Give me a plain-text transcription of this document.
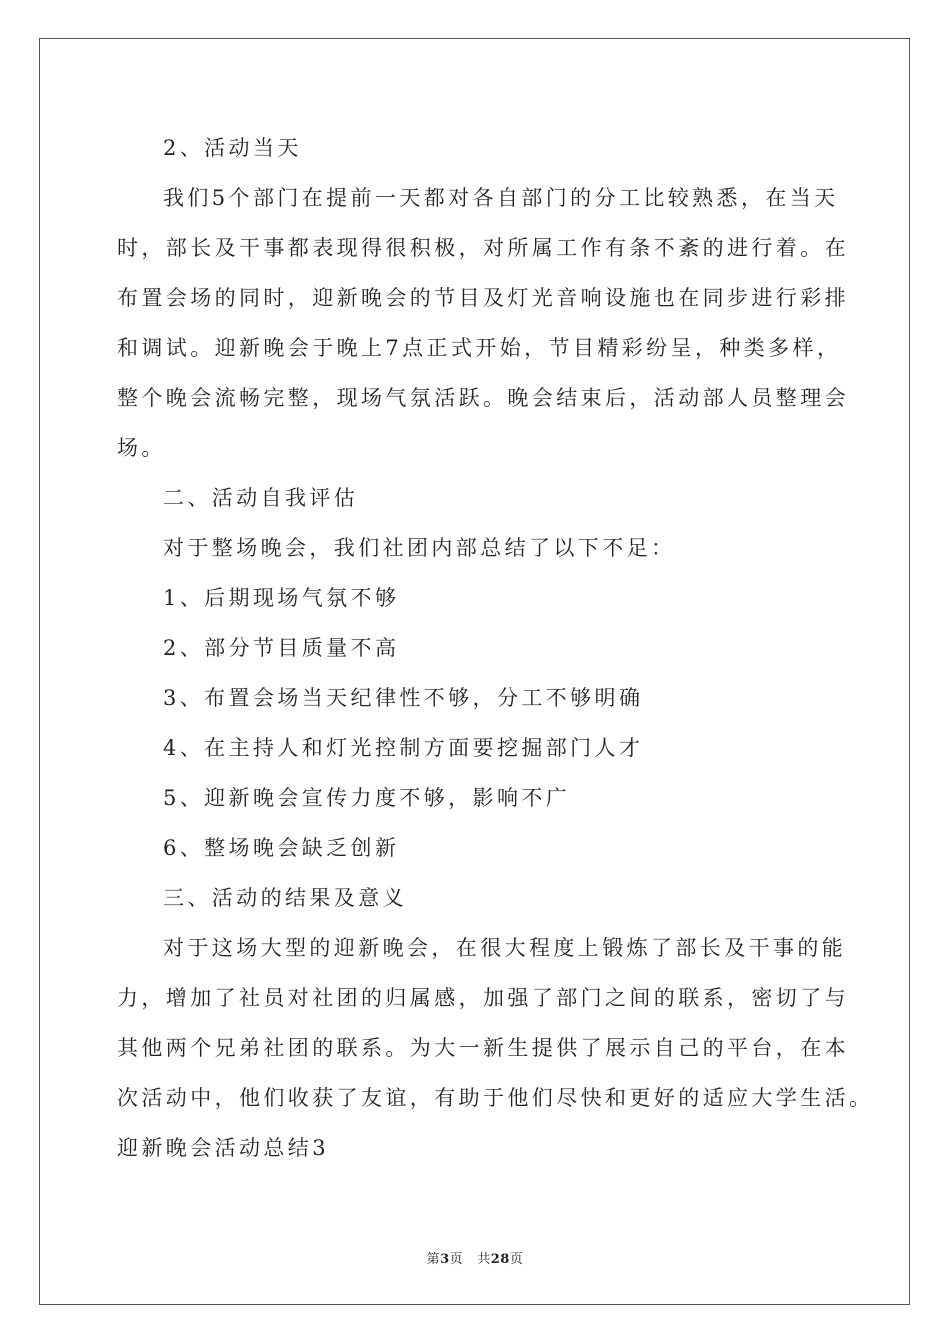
2、活动当天

我们5个部门在提前一天都对各自部门的分工比较熟悉，在当天

时，部长及干事都表现得很积极，对所属工作有条不紊的进行着。在

布置会场的同时，迎新晚会的节目及灯光音响设施也在同步进行彩排

和调试。迎新晚会于晚上7点正式开始，节目精彩纷呈，种类多样，

整个晚会流畅完整，现场气氛活跃。晚会结束后，活动部人员整理会

场。

二、活动自我评估

对于整场晚会，我们社团内部总结了以下不足：

1、后期现场气氛不够

2、部分节目质量不高

3、布置会场当天纪律性不够，分工不够明确

4、在主持人和灯光控制方面要挖掘部门人才

5、迎新晚会宣传力度不够，影响不广

6、整场晚会缺乏创新

三、活动的结果及意义

对于这场大型的迎新晚会，在很大程度上锻炼了部长及干事的能

力，增加了社员对社团的归属感，加强了部门之间的联系，密切了与

其他两个兄弟社团的联系。为大一新生提供了展示自己的平台，在本

次活动中，他们收获了友谊，有助于他们尽快和更好的适应大学生活。

迎新晚会活动总结3

第3页 共28页
